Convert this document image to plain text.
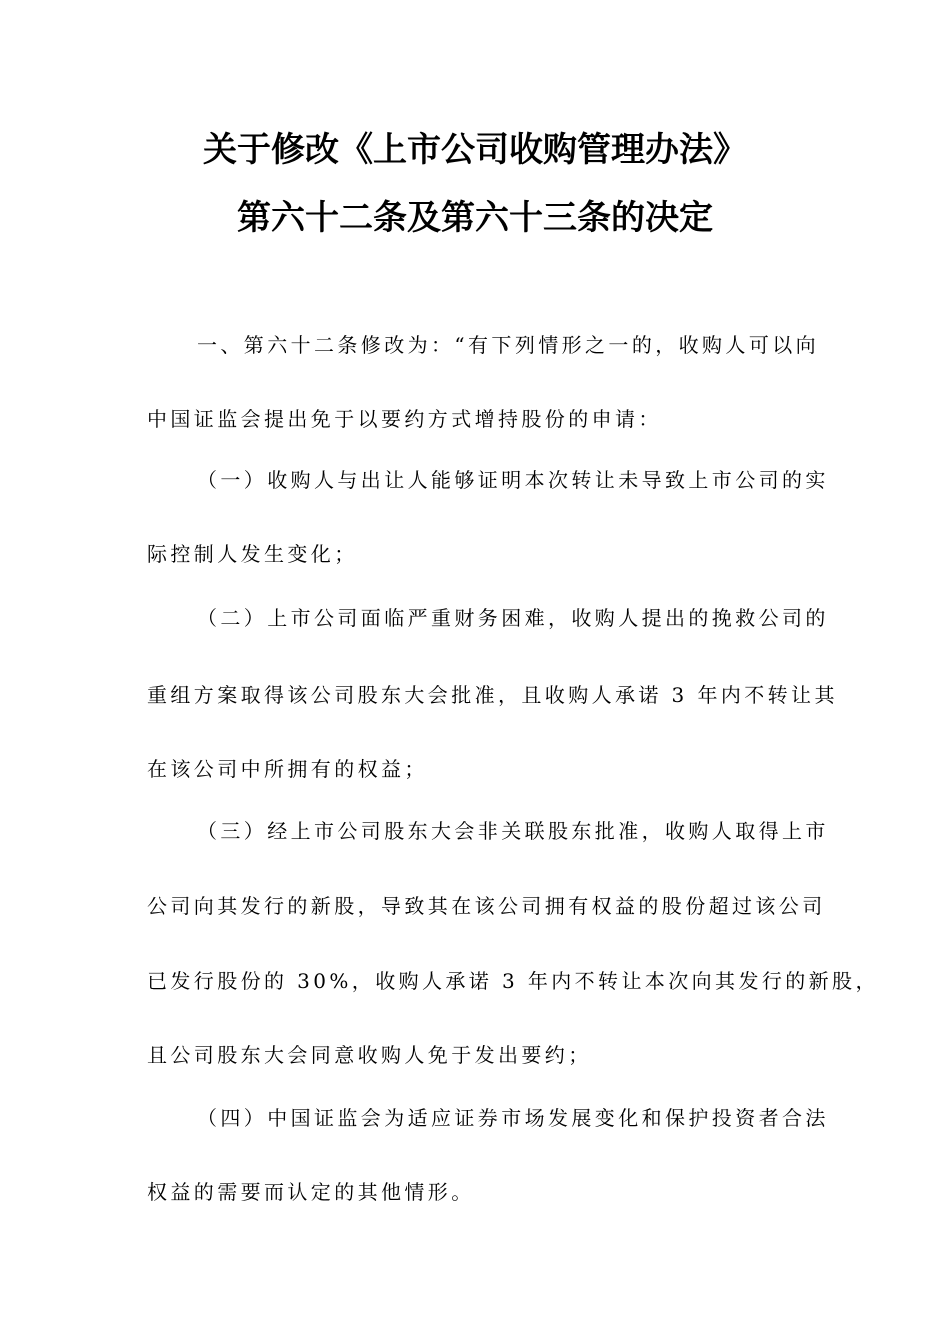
关于修改《上市公司收购管理办法》
第六十二条及第六十三条的决定
一、第六十二条修改为：“有下列情形之一的，收购人可以向
中国证监会提出免于以要约方式增持股份的申请：
（一）收购人与出让人能够证明本次转让未导致上市公司的实
际控制人发生变化；
（二）上市公司面临严重财务困难，收购人提出的挽救公司的
重组方案取得该公司股东大会批准，且收购人承诺 3 年内不转让其
在该公司中所拥有的权益；
（三）经上市公司股东大会非关联股东批准，收购人取得上市
公司向其发行的新股，导致其在该公司拥有权益的股份超过该公司
已发行股份的 30%，收购人承诺 3 年内不转让本次向其发行的新股，
且公司股东大会同意收购人免于发出要约；
（四）中国证监会为适应证券市场发展变化和保护投资者合法
权益的需要而认定的其他情形。
